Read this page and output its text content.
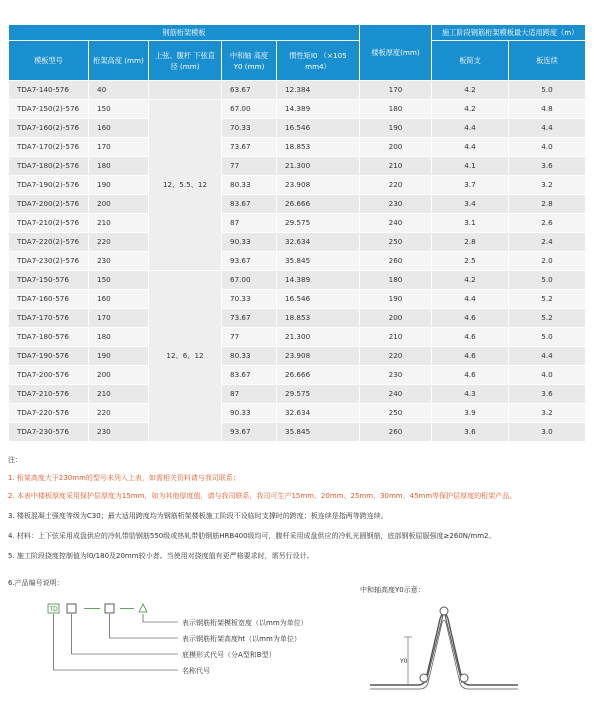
钢筋桁架模板					楼板厚度(mm)	施工阶段钢筋桁架模板最大适用跨度（m）	
模板型号	桁架高度 (mm)	上弦、腹杆 下弦直径 (mm)	中和轴 高度Y0 (mm)	惯性矩I0 （×105 mm4）		板简支	板连续
TDA7-140-576	40		63.67	12.384	170	4.2	5.0
TDA7-150(2)-576	150	12、5.5、12	67.00	14.389	180	4.2	4.8
TDA7-160(2)-576	160		70.33	16.546	190	4.4	4.4
TDA7-170(2)-576	170		73.67	18.853	200	4.4	4.0
TDA7-180(2)-576	180		77	21.300	210	4.1	3.6
TDA7-190(2)-576	190		80.33	23.908	220	3.7	3.2
TDA7-200(2)-576	200		83.67	26.666	230	3.4	2.8
TDA7-210(2)-576	210		87	29.575	240	3.1	2.6
TDA7-220(2)-576	220		90.33	32.634	250	2.8	2.4
TDA7-230(2)-576	230		93.67	35.845	260	2.5	2.0
TDA7-150-576	150	12、6、12	67.00	14.389	180	4.2	5.0
TDA7-160-576	160		70.33	16.546	190	4.4	5.2
TDA7-170-576	170		73.67	18.853	200	4.6	5.2
TDA7-180-576	180		77	21.300	210	4.6	5.0
TDA7-190-576	190		80.33	23.908	220	4.6	4.4
TDA7-200-576	200		83.67	26.666	230	4.6	4.0
TDA7-210-576	210		87	29.575	240	4.3	3.6
TDA7-220-576	220		90.33	32.634	250	3.9	3.2
TDA7-230-576	230		93.67	35.845	260	3.6	3.0
注：
1. 桁架高度大于230mm的型号未列入上表，如需相关资料请与我司联系；
2. 本表中楼板厚度采用保护层厚度为15mm，如为其他厚度值，请与我司联系，我司可生产15mm、20mm、25mm、30mm、45mm等保护层厚度的桁架产品。
3. 楼板混凝土强度等级为C30；最大适用跨度均为钢筋桁架楼板施工阶段不设临时支撑时的跨度；板连续是指两等跨连续。
4. 材料：上下弦采用成盘供应的冷轧带肋钢筋550级或热轧带肋钢筋HRB400级均可，腹杆采用成盘供应的冷轧光圆钢筋，底部钢板屈服强度≥260N/mm2。
5. 施工阶段挠度控制值为l0/180及20mm较小者。当使用对挠度值有更严格要求时，需另行设计。
6.产品编号说明：
TD
表示钢筋桁架模板宽度（以mm为单位）
表示钢筋桁架高度ht（以mm为单位）
底模形式代号（分A型和B型）
名称代号
中和轴高度Y0示意：
Y0
